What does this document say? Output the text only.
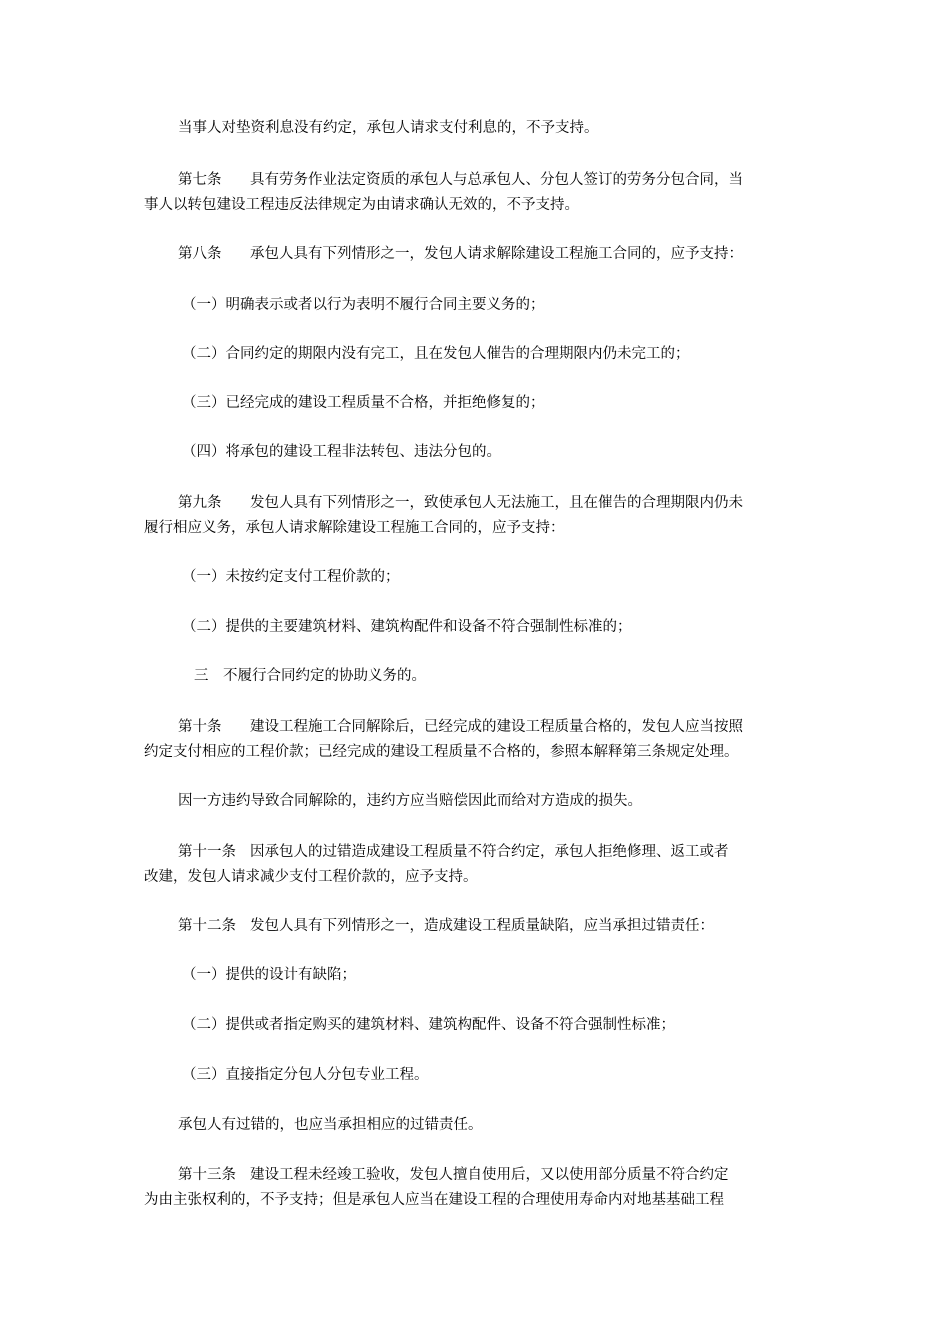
当事人对垫资利息没有约定，承包人请求支付利息的，不予支持。
第七条 具有劳务作业法定资质的承包人与总承包人、分包人签订的劳务分包合同，当
事人以转包建设工程违反法律规定为由请求确认无效的，不予支持。
第八条 承包人具有下列情形之一，发包人请求解除建设工程施工合同的，应予支持：
（一）明确表示或者以行为表明不履行合同主要义务的；
（二）合同约定的期限内没有完工，且在发包人催告的合理期限内仍未完工的；
（三）已经完成的建设工程质量不合格，并拒绝修复的；
（四）将承包的建设工程非法转包、违法分包的。
第九条 发包人具有下列情形之一，致使承包人无法施工，且在催告的合理期限内仍未
履行相应义务，承包人请求解除建设工程施工合同的，应予支持：
（一）未按约定支付工程价款的；
（二）提供的主要建筑材料、建筑构配件和设备不符合强制性标准的；
三　不履行合同约定的协助义务的。
第十条 建设工程施工合同解除后，已经完成的建设工程质量合格的，发包人应当按照
约定支付相应的工程价款；已经完成的建设工程质量不合格的，参照本解释第三条规定处理。
因一方违约导致合同解除的，违约方应当赔偿因此而给对方造成的损失。
第十一条 因承包人的过错造成建设工程质量不符合约定，承包人拒绝修理、返工或者
改建，发包人请求减少支付工程价款的，应予支持。
第十二条 发包人具有下列情形之一，造成建设工程质量缺陷，应当承担过错责任：
（一）提供的设计有缺陷；
（二）提供或者指定购买的建筑材料、建筑构配件、设备不符合强制性标准；
（三）直接指定分包人分包专业工程。
承包人有过错的，也应当承担相应的过错责任。
第十三条 建设工程未经竣工验收，发包人擅自使用后，又以使用部分质量不符合约定
为由主张权利的，不予支持；但是承包人应当在建设工程的合理使用寿命内对地基基础工程
